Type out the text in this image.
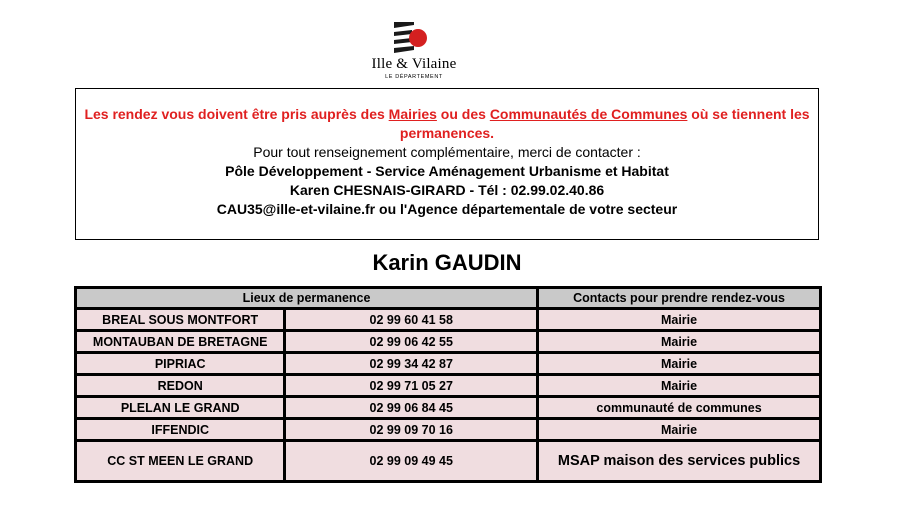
Ille & Vilaine
LE DÉPARTEMENT
Les rendez vous doivent être pris auprès des Mairies ou des Communautés de Communes où se tiennent les permanences.
Pour tout renseignement complémentaire, merci de contacter :
Pôle Développement - Service Aménagement Urbanisme et Habitat
Karen CHESNAIS-GIRARD - Tél : 02.99.02.40.86
CAU35@ille-et-vilaine.fr ou l'Agence départementale de votre secteur
Karin GAUDIN
Lieux de permanence		Contacts pour prendre rendez-vous
BREAL SOUS MONTFORT	02 99 60 41 58	Mairie
MONTAUBAN DE BRETAGNE	02 99 06 42 55	Mairie
PIPRIAC	02 99 34 42 87	Mairie
REDON	02 99 71 05 27	Mairie
PLELAN LE GRAND	02 99 06 84 45	communauté de communes
IFFENDIC	02 99 09 70 16	Mairie
CC ST MEEN LE GRAND	02 99 09 49 45	MSAP maison des services publics
